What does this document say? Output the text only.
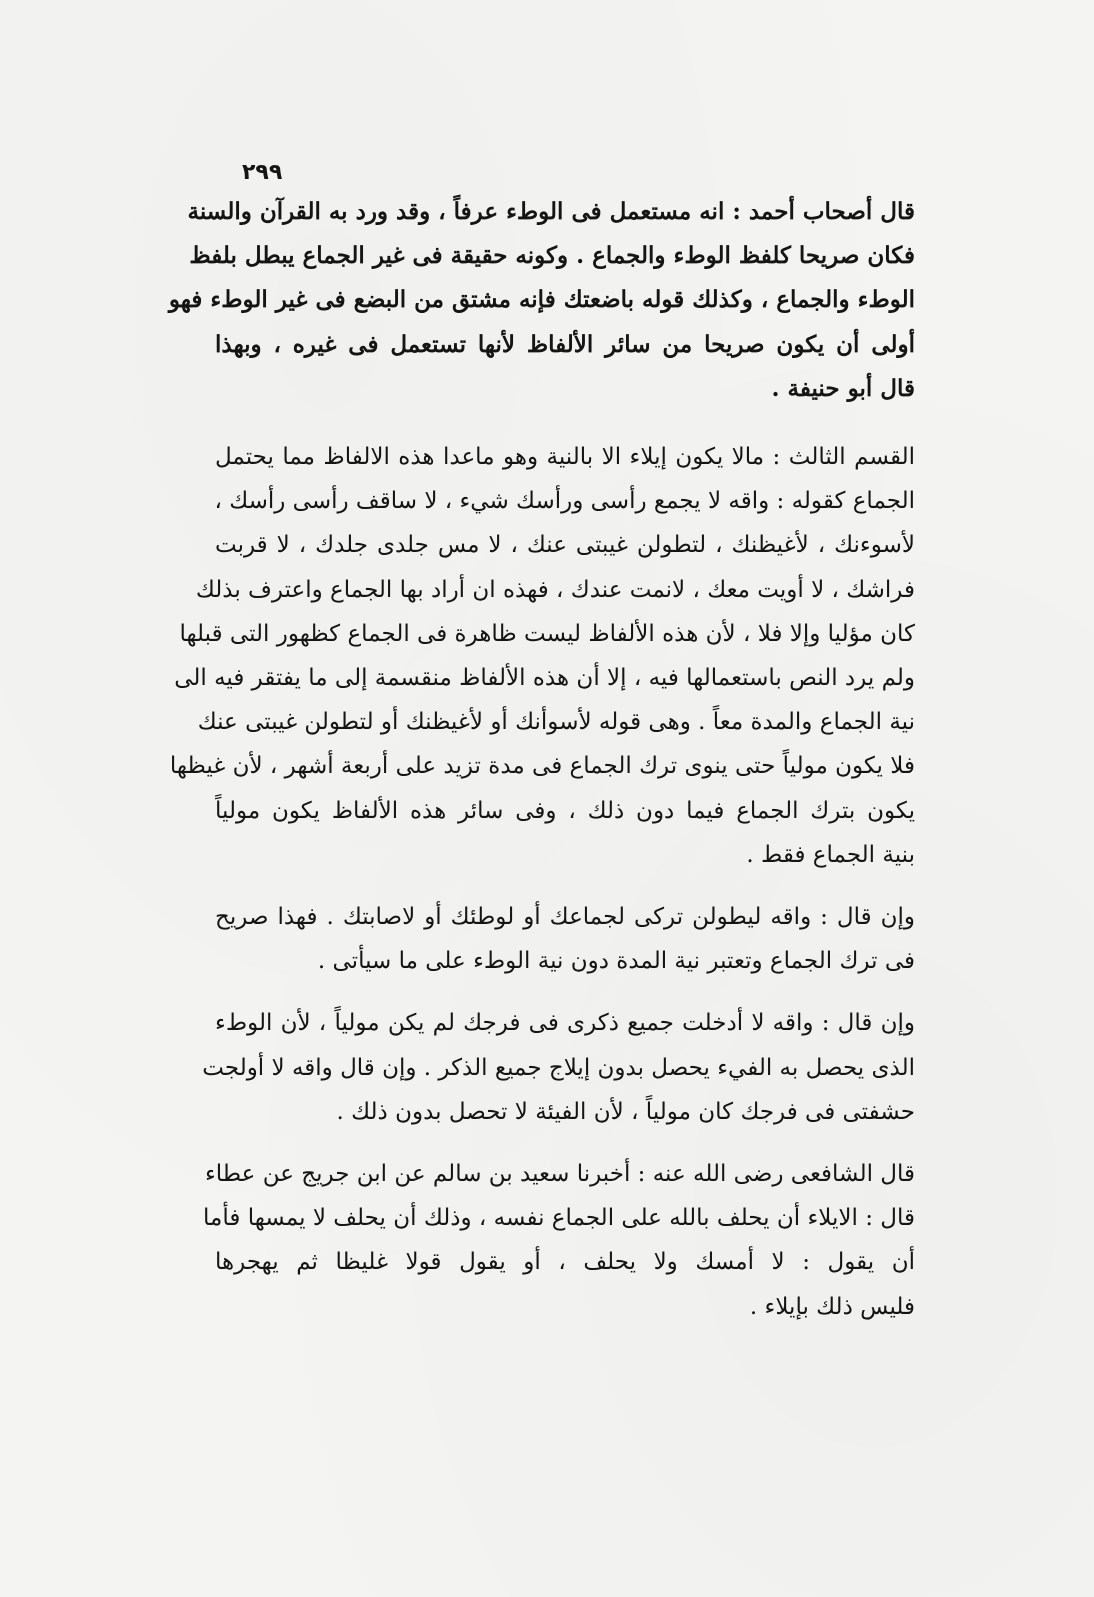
٢٩٩
قال أصحاب أحمد : انه مستعمل فى الوطء عرفاً ، وقد ورد به القرآن والسنة
فكان صريحا كلفظ الوطء والجماع . وكونه حقيقة فى غير الجماع يبطل بلفظ
الوطء والجماع ، وكذلك قوله باضعتك فإنه مشتق من البضع فى غير الوطء فهو
أولى أن يكون صريحا من سائر الألفاظ لأنها تستعمل فى غيره ، وبهذا
قال أبو حنيفة .
القسم الثالث : مالا يكون إيلاء الا بالنية وهو ماعدا هذه الالفاظ مما يحتمل
الجماع كقوله : واقه لا يجمع رأسى ورأسك شيء ، لا ساقف رأسى رأسك ،
لأسوءنك ، لأغيظنك ، لتطولن غيبتى عنك ، لا مس جلدى جلدك ، لا قربت
فراشك ، لا أويت معك ، لانمت عندك ، فهذه ان أراد بها الجماع واعترف بذلك
كان مؤليا وإلا فلا ، لأن هذه الألفاظ ليست ظاهرة فى الجماع كظهور التى قبلها
ولم يرد النص باستعمالها فيه ، إلا أن هذه الألفاظ منقسمة إلى ما يفتقر فيه الى
نية الجماع والمدة معاً . وهى قوله لأسوأنك أو لأغيظنك أو لتطولن غيبتى عنك
فلا يكون مولياً حتى ينوى ترك الجماع فى مدة تزيد على أربعة أشهر ، لأن غيظها
يكون بترك الجماع فيما دون ذلك ، وفى سائر هذه الألفاظ يكون مولياً
بنية الجماع فقط .
وإن قال : واقه ليطولن تركى لجماعك أو لوطئك أو لاصابتك . فهذا صريح
فى ترك الجماع وتعتبر نية المدة دون نية الوطء على ما سيأتى .
وإن قال : واقه لا أدخلت جميع ذكرى فى فرجك لم يكن مولياً ، لأن الوطء
الذى يحصل به الفيء يحصل بدون إيلاج جميع الذكر . وإن قال واقه لا أولجت
حشفتى فى فرجك كان مولياً ، لأن الفيئة لا تحصل بدون ذلك .
قال الشافعى رضى الله عنه : أخبرنا سعيد بن سالم عن ابن جريج عن عطاء
قال : الايلاء أن يحلف بالله على الجماع نفسه ، وذلك أن يحلف لا يمسها فأما
أن يقول : لا أمسك ولا يحلف ، أو يقول قولا غليظا ثم يهجرها
فليس ذلك بإيلاء .
